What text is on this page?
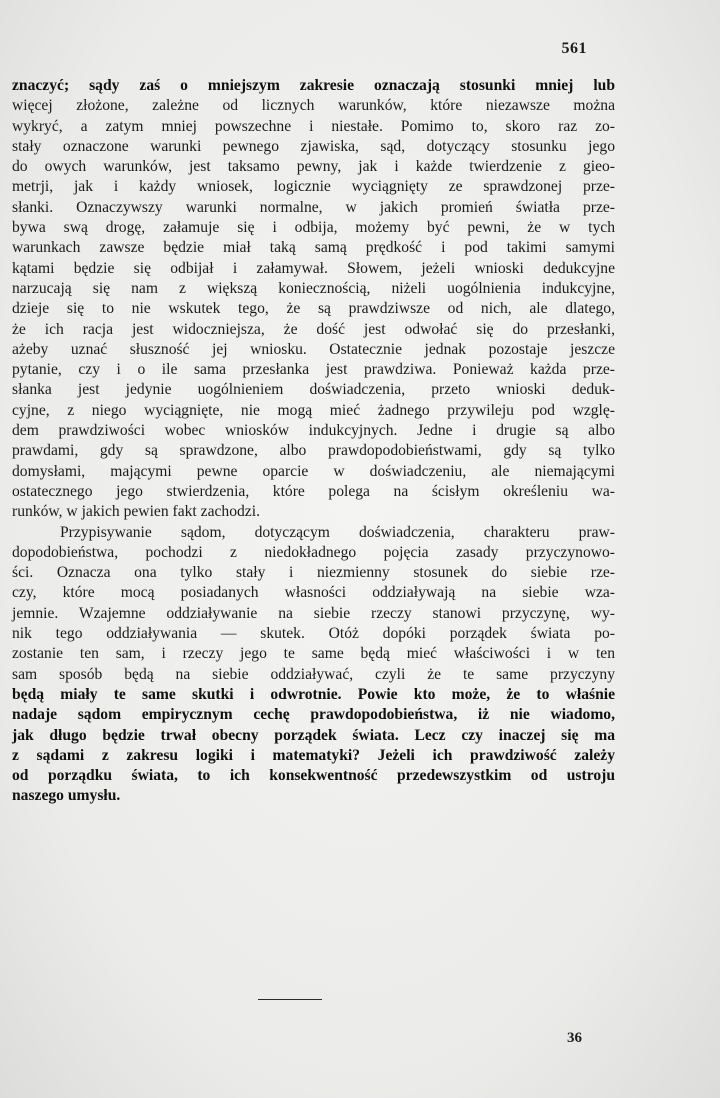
561
znaczyć; sądy zaś o mniejszym zakresie oznaczają stosunki mniej lub
więcej złożone, zależne od licznych warunków, które niezawsze można
wykryć, a zatym mniej powszechne i niestałe. Pomimo to, skoro raz zo-
stały oznaczone warunki pewnego zjawiska, sąd, dotyczący stosunku jego
do owych warunków, jest taksamo pewny, jak i każde twierdzenie z gieo-
metrji, jak i każdy wniosek, logicznie wyciągnięty ze sprawdzonej prze-
słanki. Oznaczywszy warunki normalne, w jakich promień światła prze-
bywa swą drogę, załamuje się i odbija, możemy być pewni, że w tych
warunkach zawsze będzie miał taką samą prędkość i pod takimi samymi
kątami będzie się odbijał i załamywał. Słowem, jeżeli wnioski dedukcyjne
narzucają się nam z większą koniecznością, niżeli uogólnienia indukcyjne,
dzieje się to nie wskutek tego, że są prawdziwsze od nich, ale dlatego,
że ich racja jest widoczniejsza, że dość jest odwołać się do przesłanki,
ażeby uznać słuszność jej wniosku. Ostatecznie jednak pozostaje jeszcze
pytanie, czy i o ile sama przesłanka jest prawdziwa. Ponieważ każda prze-
słanka jest jedynie uogólnieniem doświadczenia, przeto wnioski deduk-
cyjne, z niego wyciągnięte, nie mogą mieć żadnego przywileju pod wzglę-
dem prawdziwości wobec wniosków indukcyjnych. Jedne i drugie są albo
prawdami, gdy są sprawdzone, albo prawdopodobieństwami, gdy są tylko
domysłami, mającymi pewne oparcie w doświadczeniu, ale niemającymi
ostatecznego jego stwierdzenia, które polega na ścisłym określeniu wa-
runków, w jakich pewien fakt zachodzi.
Przypisywanie sądom, dotyczącym doświadczenia, charakteru praw-
dopodobieństwa, pochodzi z niedokładnego pojęcia zasady przyczynowo-
ści. Oznacza ona tylko stały i niezmienny stosunek do siebie rze-
czy, które mocą posiadanych własności oddziaływają na siebie wza-
jemnie. Wzajemne oddziaływanie na siebie rzeczy stanowi przyczynę, wy-
nik tego oddziaływania — skutek. Otóż dopóki porządek świata po-
zostanie ten sam, i rzeczy jego te same będą mieć właściwości i w ten
sam sposób będą na siebie oddziaływać, czyli że te same przyczyny
będą miały te same skutki i odwrotnie. Powie kto może, że to właśnie
nadaje sądom empirycznym cechę prawdopodobieństwa, iż nie wiadomo,
jak długo będzie trwał obecny porządek świata. Lecz czy inaczej się ma
z sądami z zakresu logiki i matematyki? Jeżeli ich prawdziwość zależy
od porządku świata, to ich konsekwentność przedewszystkim od ustroju
naszego umysłu.
36
